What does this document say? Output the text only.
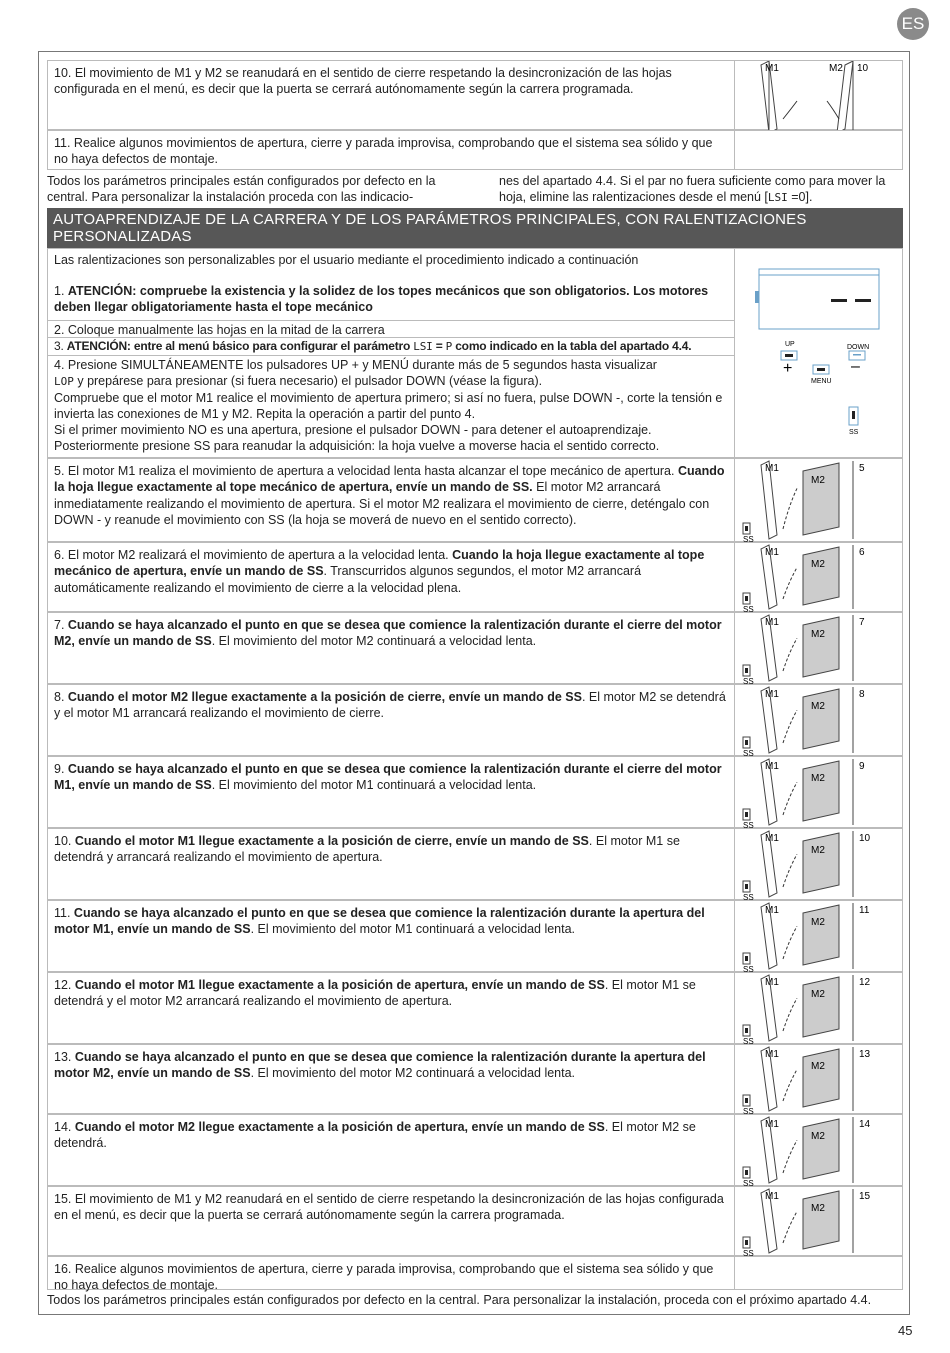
ES
10. El movimiento de M1 y M2 se reanudará en el sentido de cierre respetando la desincronización de las hojas configurada en el menú, es decir que la puerta se cerrará autónomamente según la carrera programada.
M1	M2 10
11. Realice algunos movimientos de apertura, cierre y parada improvisa, comprobando que el sistema sea sólido y que no haya defectos de montaje.
Todos los parámetros principales están configurados por defecto en la central. Para personalizar la instalación proceda con las indicacio-
nes del apartado 4.4. Si el par no fuera suficiente como para mover la hoja, elimine las ralentizaciones desde el menú [LSI =0].
AUTOAPRENDIZAJE DE LA CARRERA Y DE LOS PARÁMETROS PRINCIPALES, CON RALENTIZACIONES PERSONALIZADAS
Las ralentizaciones son personalizables por el usuario mediante el procedimiento indicado a continuación
1. ATENCIÓN: compruebe la existencia y la solidez de los topes mecánicos que son obligatorios. Los motores deben llegar obligatoriamente hasta el tope mecánico
2. Coloque manualmente las hojas en la mitad de la carrera
3. ATENCIÓN: entre al menú básico para configurar el parámetro LSI = P como indicado en la tabla del apartado 4.4.
4. Presione SIMULTÁNEAMENTE los pulsadores UP + y MENÚ durante más de 5 segundos hasta visualizar
LOP y prepárese para presionar (si fuera necesario) el pulsador DOWN (véase la figura).
Compruebe que el motor M1 realice el movimiento de apertura primero; si así no fuera, pulse DOWN -, corte la tensión e invierta las conexiones de M1 y M2. Repita la operación a partir del punto 4.
Si el primer movimiento NO es una apertura, presione el pulsador DOWN - para detener el autoaprendizaje.
Posteriormente presione SS para reanudar la adquisición: la hoja vuelve a moverse hacia el sentido correcto.
UP
+
DOWN
–
MENU
SS
5. El motor M1 realiza el movimiento de apertura a velocidad lenta hasta alcanzar el tope mecánico de apertura. Cuando la hoja llegue exactamente al tope mecánico de apertura, envíe un mando de SS. El motor M2 arrancará inmediatamente realizando el movimiento de apertura. Si el motor M2 realizara el movimiento de cierre, deténgalo con DOWN - y reanude el movimiento con SS (la hoja se moverá de nuevo en el sentido correcto).
M1
M2
SS
5
6. El motor M2 realizará el movimiento de apertura a la velocidad lenta. Cuando la hoja llegue exactamente al tope mecánico de apertura, envíe un mando de SS. Transcurridos algunos segundos, el motor M2 arrancará automáticamente realizando el movimiento de cierre a la velocidad plena.
M1
M2
SS
6
7. Cuando se haya alcanzado el punto en que se desea que comience la ralentización durante el cierre del motor M2, envíe un mando de SS. El movimiento del motor M2 continuará a velocidad lenta.
M1
M2
SS
7
8. Cuando el motor M2 llegue exactamente a la posición de cierre, envíe un mando de SS. El motor M2 se detendrá y el motor M1 arrancará realizando el movimiento de cierre.
M1
M2
SS
8
9. Cuando se haya alcanzado el punto en que se desea que comience la ralentización durante el cierre del motor M1, envíe un mando de SS. El movimiento del motor M1 continuará a velocidad lenta.
M1
M2
SS
9
10. Cuando el motor M1 llegue exactamente a la posición de cierre, envíe un mando de SS. El motor M1 se detendrá y arrancará realizando el movimiento de apertura.
M1
M2
SS
10
11. Cuando se haya alcanzado el punto en que se desea que comience la ralentización durante la apertura del motor M1, envíe un mando de SS. El movimiento del motor M1 continuará a velocidad lenta.
M1
M2
SS
11
12. Cuando el motor M1 llegue exactamente a la posición de apertura, envíe un mando de SS. El motor M1 se detendrá y el motor M2 arrancará realizando el movimiento de apertura.
M1
M2
SS
12
13. Cuando se haya alcanzado el punto en que se desea que comience la ralentización durante la apertura del motor M2, envíe un mando de SS. El movimiento del motor M2 continuará a velocidad lenta.
M1
M2
SS
13
14. Cuando el motor M2 llegue exactamente a la posición de apertura, envíe un mando de SS. El motor M2 se detendrá.
M1
M2
SS
14
15. El movimiento de M1 y M2 reanudará en el sentido de cierre respetando la desincronización de las hojas configurada en el menú, es decir que la puerta se cerrará autónomamente según la carrera programada.
M1
M2
SS
15
16. Realice algunos movimientos de apertura, cierre y parada improvisa, comprobando que el sistema sea sólido y que no haya defectos de montaje.
Todos los parámetros principales están configurados por defecto en la central. Para personalizar la instalación, proceda con el próximo apartado 4.4.
45
